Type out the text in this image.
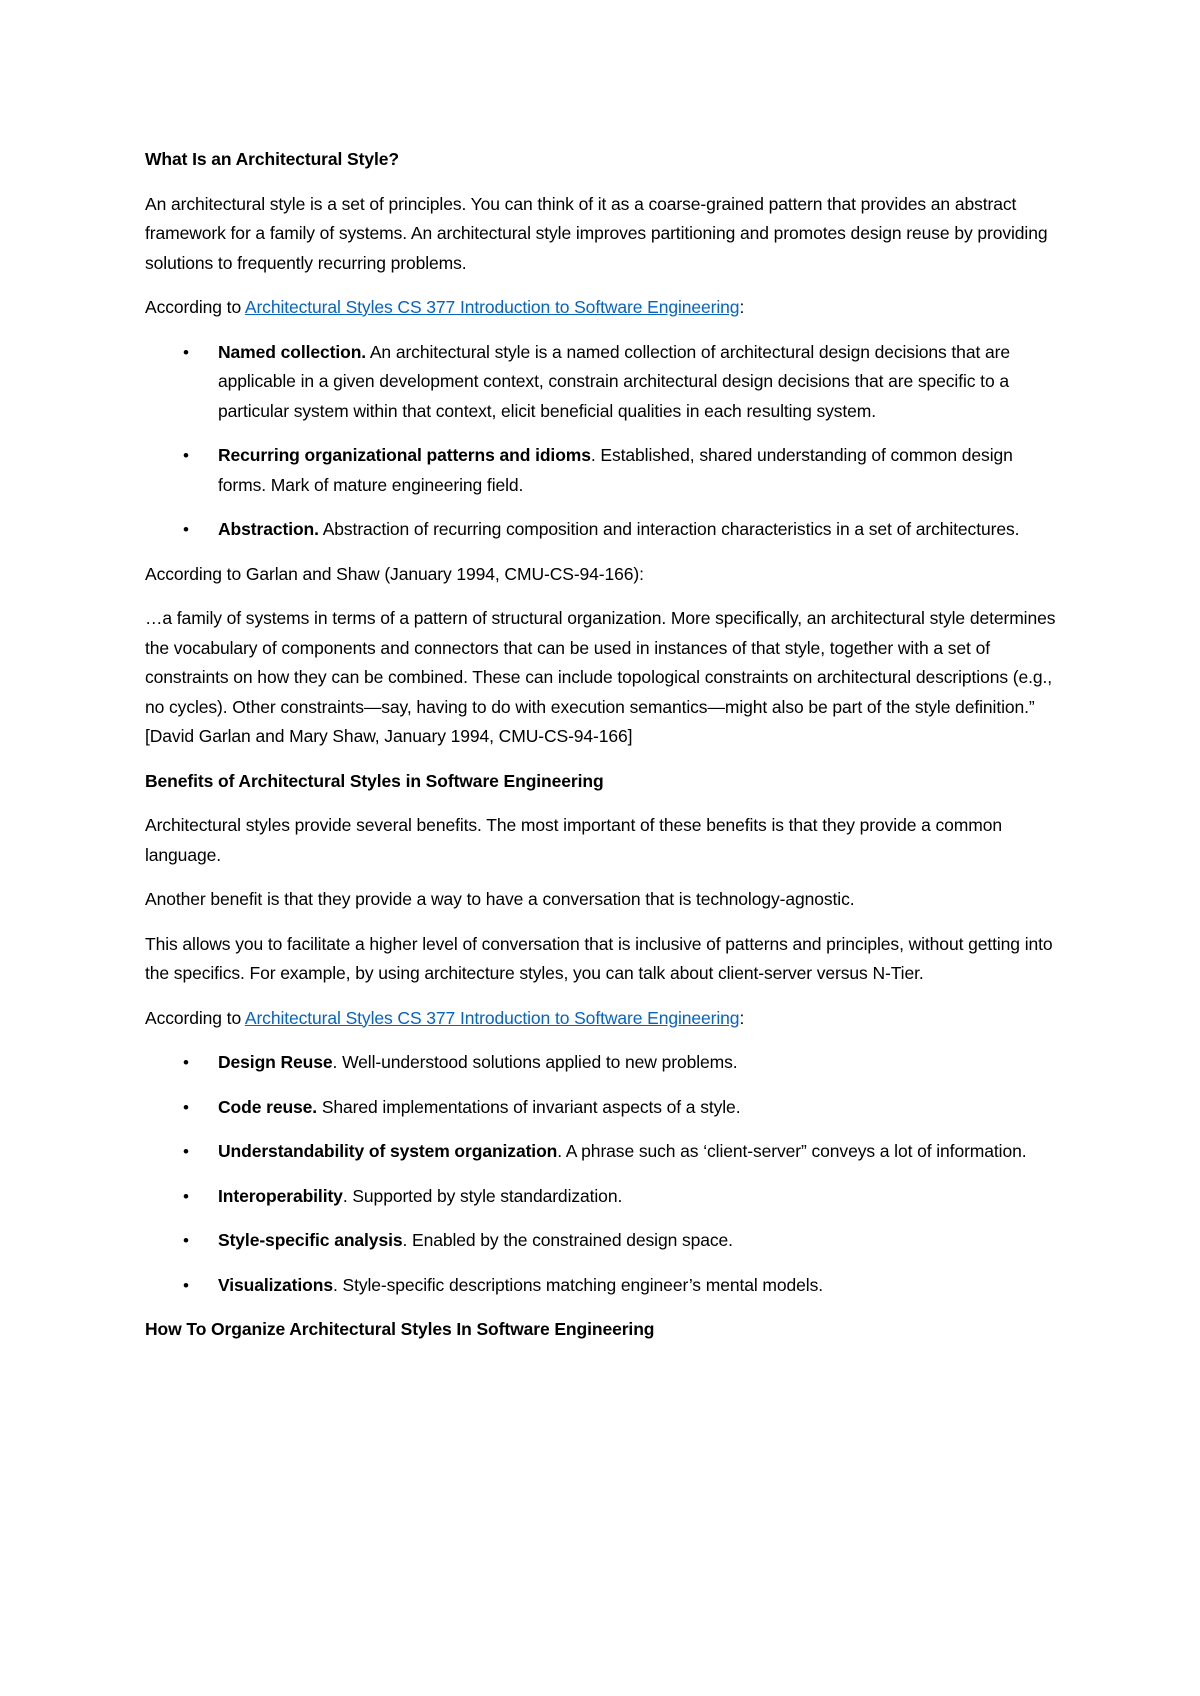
What Is an Architectural Style?
An architectural style is a set of principles. You can think of it as a coarse-grained pattern that provides an abstract framework for a family of systems. An architectural style improves partitioning and promotes design reuse by providing solutions to frequently recurring problems.
According to Architectural Styles CS 377 Introduction to Software Engineering:
• Named collection. An architectural style is a named collection of architectural design decisions that are applicable in a given development context, constrain architectural design decisions that are specific to a particular system within that context, elicit beneficial qualities in each resulting system.
• Recurring organizational patterns and idioms. Established, shared understanding of common design forms. Mark of mature engineering field.
• Abstraction. Abstraction of recurring composition and interaction characteristics in a set of architectures.
According to Garlan and Shaw (January 1994, CMU-CS-94-166):
…a family of systems in terms of a pattern of structural organization. More specifically, an architectural style determines the vocabulary of components and connectors that can be used in instances of that style, together with a set of constraints on how they can be combined. These can include topological constraints on architectural descriptions (e.g., no cycles). Other constraints—say, having to do with execution semantics—might also be part of the style definition.” [David Garlan and Mary Shaw, January 1994, CMU-CS-94-166]
Benefits of Architectural Styles in Software Engineering
Architectural styles provide several benefits. The most important of these benefits is that they provide a common language.
Another benefit is that they provide a way to have a conversation that is technology-agnostic.
This allows you to facilitate a higher level of conversation that is inclusive of patterns and principles, without getting into the specifics. For example, by using architecture styles, you can talk about client-server versus N-Tier.
According to Architectural Styles CS 377 Introduction to Software Engineering:
• Design Reuse. Well-understood solutions applied to new problems.
• Code reuse. Shared implementations of invariant aspects of a style.
• Understandability of system organization. A phrase such as ‘client-server” conveys a lot of information.
• Interoperability. Supported by style standardization.
• Style-specific analysis. Enabled by the constrained design space.
• Visualizations. Style-specific descriptions matching engineer’s mental models.
How To Organize Architectural Styles In Software Engineering
